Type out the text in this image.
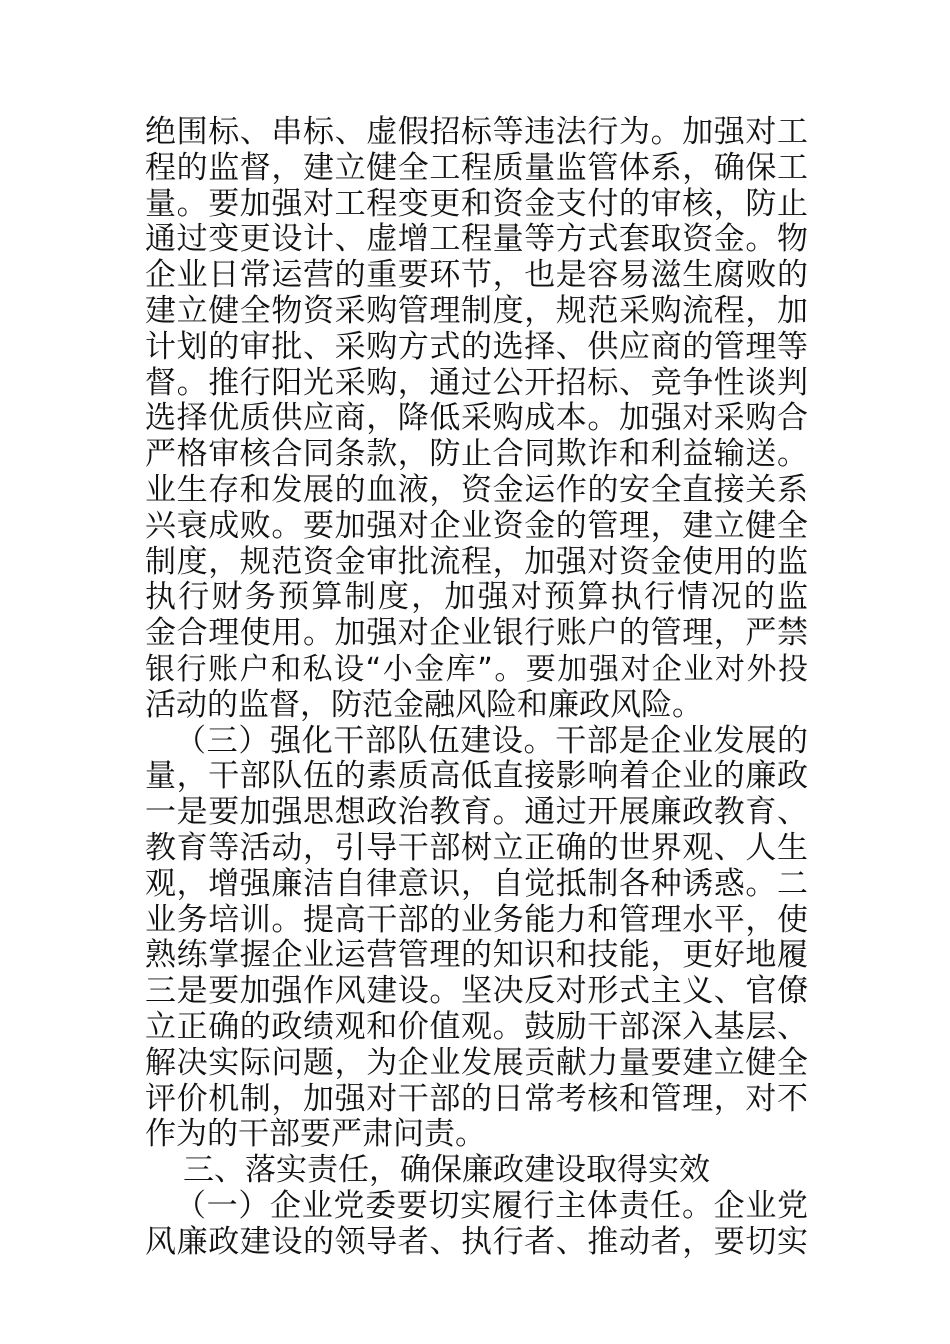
绝围标、串标、虚假招标等违法行为。加强对工
程的监督，建立健全工程质量监管体系，确保工
量。要加强对工程变更和资金支付的审核，防止
通过变更设计、虚增工程量等方式套取资金。物
企业日常运营的重要环节，也是容易滋生腐败的
建立健全物资采购管理制度，规范采购流程，加
计划的审批、采购方式的选择、供应商的管理等
督。推行阳光采购，通过公开招标、竞争性谈判
选择优质供应商，降低采购成本。加强对采购合
严格审核合同条款，防止合同欺诈和利益输送。
业生存和发展的血液，资金运作的安全直接关系
兴衰成败。要加强对企业资金的管理，建立健全
制度，规范资金审批流程，加强对资金使用的监
执行财务预算制度，加强对预算执行情况的监
金合理使用。加强对企业银行账户的管理，严禁
银行账户和私设“小金库”。要加强对企业对外投
活动的监督，防范金融风险和廉政风险。
（三）强化干部队伍建设。干部是企业发展的
量，干部队伍的素质高低直接影响着企业的廉政
一是要加强思想政治教育。通过开展廉政教育、
教育等活动，引导干部树立正确的世界观、人生
观，增强廉洁自律意识，自觉抵制各种诱惑。二
业务培训。提高干部的业务能力和管理水平，使
熟练掌握企业运营管理的知识和技能，更好地履
三是要加强作风建设。坚决反对形式主义、官僚
立正确的政绩观和价值观。鼓励干部深入基层、
解决实际问题，为企业发展贡献力量要建立健全
评价机制，加强对干部的日常考核和管理，对不
作为的干部要严肃问责。
三、落实责任，确保廉政建设取得实效
（一）企业党委要切实履行主体责任。企业党
风廉政建设的领导者、执行者、推动者，要切实
